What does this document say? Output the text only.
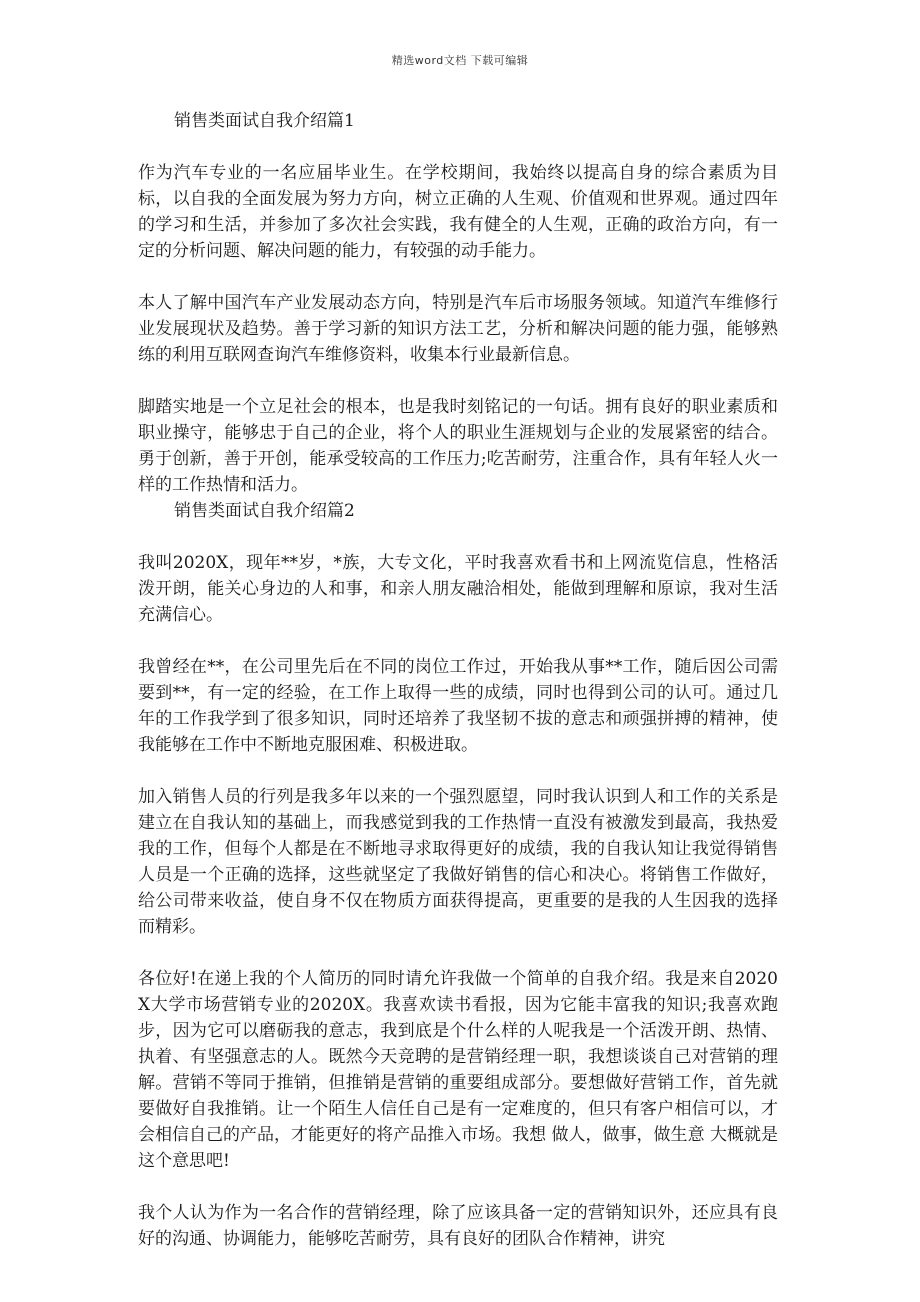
精选word文档 下载可编辑
销售类面试自我介绍篇1

作为汽车专业的一名应届毕业生。在学校期间，我始终以提高自身的综合素质为目标，以自我的全面发展为努力方向，树立正确的人生观、价值观和世界观。通过四年的学习和生活，并参加了多次社会实践，我有健全的人生观，正确的政治方向，有一定的分析问题、解决问题的能力，有较强的动手能力。

本人了解中国汽车产业发展动态方向，特别是汽车后市场服务领域。知道汽车维修行业发展现状及趋势。善于学习新的知识方法工艺，分析和解决问题的能力强，能够熟练的利用互联网查询汽车维修资料，收集本行业最新信息。

脚踏实地是一个立足社会的根本，也是我时刻铭记的一句话。拥有良好的职业素质和职业操守，能够忠于自己的企业，将个人的职业生涯规划与企业的发展紧密的结合。勇于创新，善于开创，能承受较高的工作压力;吃苦耐劳，注重合作，具有年轻人火一样的工作热情和活力。

销售类面试自我介绍篇2

我叫2020X，现年**岁，*族，大专文化，平时我喜欢看书和上网流览信息，性格活泼开朗，能关心身边的人和事，和亲人朋友融洽相处，能做到理解和原谅，我对生活充满信心。

我曾经在**，在公司里先后在不同的岗位工作过，开始我从事**工作，随后因公司需要到**，有一定的经验，在工作上取得一些的成绩，同时也得到公司的认可。通过几年的工作我学到了很多知识，同时还培养了我坚韧不拔的意志和顽强拼搏的精神，使我能够在工作中不断地克服困难、积极进取。

加入销售人员的行列是我多年以来的一个强烈愿望，同时我认识到人和工作的关系是建立在自我认知的基础上，而我感觉到我的工作热情一直没有被激发到最高，我热爱我的工作，但每个人都是在不断地寻求取得更好的成绩，我的自我认知让我觉得销售人员是一个正确的选择，这些就坚定了我做好销售的信心和决心。将销售工作做好，给公司带来收益，使自身不仅在物质方面获得提高，更重要的是我的人生因我的选择而精彩。

各位好!在递上我的个人简历的同时请允许我做一个简单的自我介绍。我是来自2020X大学市场营销专业的2020X。我喜欢读书看报，因为它能丰富我的知识;我喜欢跑步，因为它可以磨砺我的意志，我到底是个什么样的人呢我是一个活泼开朗、热情、执着、有坚强意志的人。既然今天竞聘的是营销经理一职，我想谈谈自己对营销的理解。营销不等同于推销，但推销是营销的重要组成部分。要想做好营销工作，首先就要做好自我推销。让一个陌生人信任自己是有一定难度的，但只有客户相信可以，才会相信自己的产品，才能更好的将产品推入市场。我想 做人，做事，做生意 大概就是这个意思吧!

我个人认为作为一名合作的营销经理，除了应该具备一定的营销知识外，还应具有良好的沟通、协调能力，能够吃苦耐劳，具有良好的团队合作精神，讲究
